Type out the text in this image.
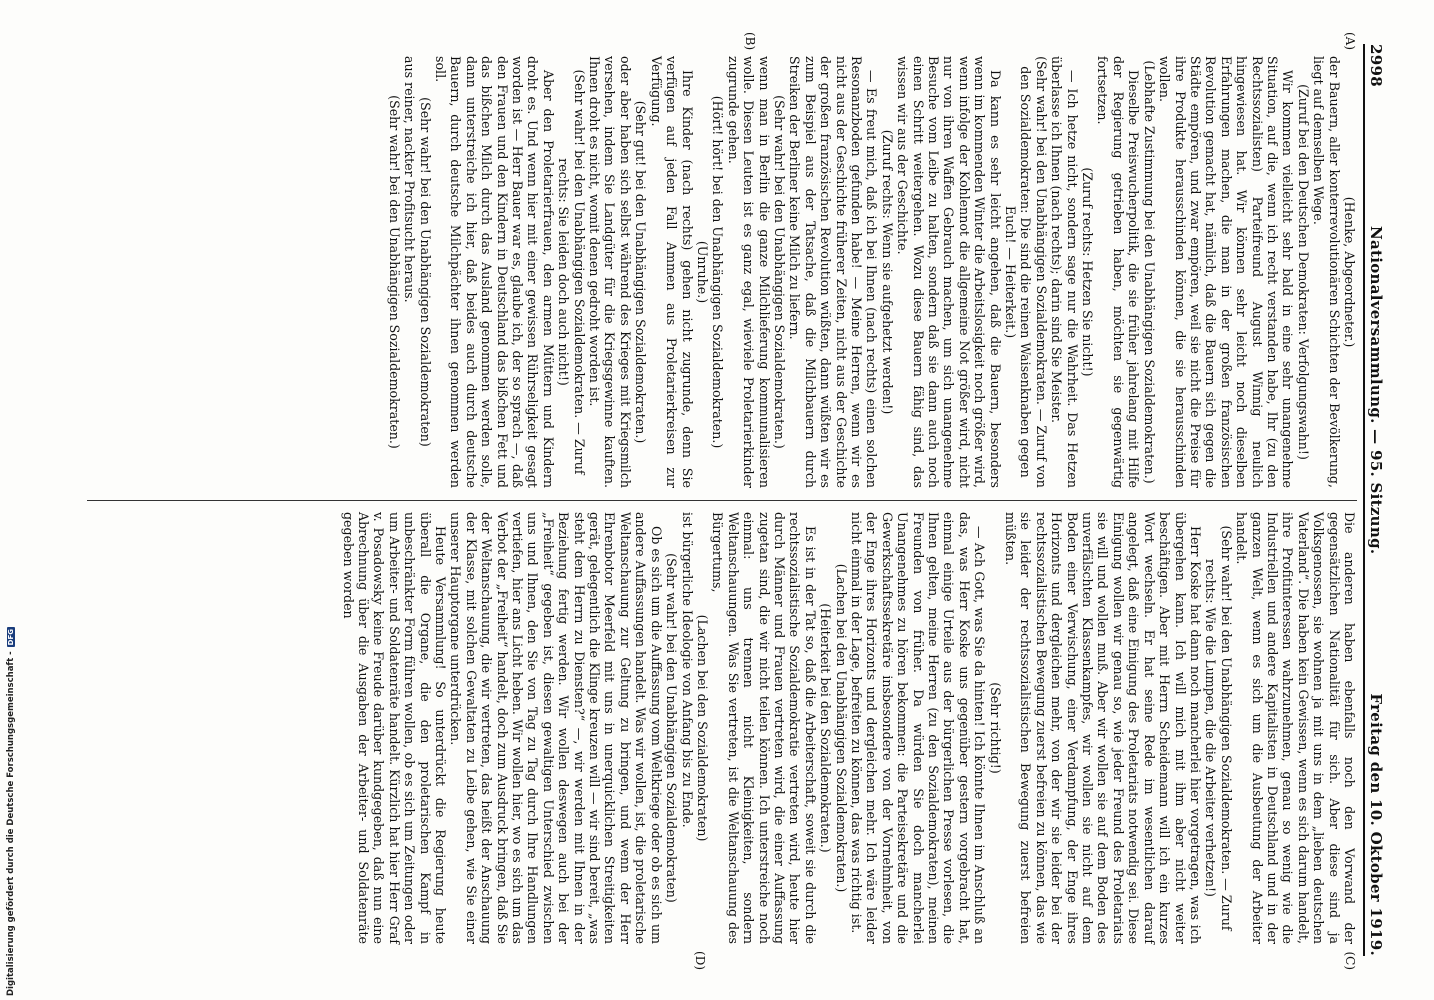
2998
Nationalversammlung. — 95. Sitzung.
Freitag den 10. Oktober 1919.

(Henke, Abgeordneter.)

der Bauern, aller konterrevolutionären Schichten der Bevölkerung, liegt auf demselben Wege.

(Zuruf bei den Deutschen Demokraten: Verfolgungswahn!)

Wir kommen vielleicht sehr bald in eine sehr unangenehme Situation, auf die, wenn ich recht verstanden habe, Ihr (zu den Rechtssozialisten) Parteifreund August Winnig neulich hingewiesen hat. Wir können sehr leicht noch dieselben Erfahrungen machen, die man in der großen französischen Revolution gemacht hat, nämlich, daß die Bauern sich gegen die Städte empören, und zwar empören, weil sie nicht die Preise für ihre Produkte herausschinden können, die sie herausschinden wollen.

(Lebhafte Zustimmung bei den Unabhängigen Sozialdemokraten.)

Dieselbe Preiswucherpolitik, die sie früher jahrelang mit Hilfe der Regierung getrieben haben, möchten sie gegenwärtig fortsetzen.

(Zuruf rechts: Hetzen Sie nicht!)

— Ich hetze nicht, sondern sage nur die Wahrheit. Das Hetzen überlasse ich Ihnen (nach rechts); darin sind Sie Meister.

(Sehr wahr! bei den Unabhängigen Sozialdemokraten. — Zuruf von den Sozialdemokraten: Die sind die reinen Waisenknaben gegen Euch! — Heiterkeit.)

Da kann es sehr leicht angehen, daß die Bauern, besonders wenn im kommenden Winter die Arbeitslosigkeit noch größer wird, wenn infolge der Kohlennot die allgemeine Not größer wird, nicht nur von ihren Waffen Gebrauch machen, um sich unangenehme Besuche vom Leibe zu halten, sondern daß sie dann auch noch einen Schritt weitergehen. Wozu diese Bauern fähig sind, das wissen wir aus der Geschichte.

(Zuruf rechts: Wenn sie aufgehetzt werden!)

— Es freut mich, daß ich bei Ihnen (nach rechts) einen solchen Resonanzboden gefunden habe! — Meine Herren, wenn wir es nicht aus der Geschichte früherer Zeiten, nicht aus der Geschichte der großen französischen Revolution wüßten, dann wüßten wir es zum Beispiel aus der Tatsache, daß die Milchbauern durch Streiken der Berliner keine Milch zu liefern.

(Sehr wahr! bei den Unabhängigen Sozialdemokraten.)

wenn man in Berlin die ganze Milchlieferung kommunalisieren wolle. Diesen Leuten ist es ganz egal, wieviele Proletarierkinder zugrunde gehen.

(Hört! hört! bei den Unabhängigen Sozialdemokraten.)

(Unruhe.)

Ihre Kinder (nach rechts) gehen nicht zugrunde, denn Sie verfügen auf jeden Fall Ammen aus Proletarierkreisen zur Verfügung.

(Sehr gut! bei den Unabhängigen Sozialdemokraten.)

oder aber haben sich selbst während des Krieges mit Kriegsmilch versehen, indem Sie Landgüter für die Kriegsgewinne kauften. Ihnen droht es nicht, womit denen gedroht worden ist.

(Sehr wahr! bei den Unabhängigen Sozialdemokraten. — Zuruf rechts: Sie leiden doch auch nicht!)

Aber den Proletarierfrauen, den armen Müttern und Kindern droht es. Und wenn hier mit einer gewissen Rührseligkeit gesagt worden ist — Herr Bauer war es, glaube ich, der so sprach —, daß den Frauen und den Kindern in Deutschland das bißchen Fett und das bißchen Milch durch das Ausland genommen werden solle, dann unterstreiche ich hier, daß beides auch durch deutsche Bauern, durch deutsche Milchpächter ihnen genommen werden soll.

(Sehr wahr! bei den Unabhängigen Sozialdemokraten)

aus reiner, nackter Profitsucht heraus.

(Sehr wahr! bei den Unabhängigen Sozialdemokraten.)

Die anderen haben ebenfalls noch den Vorwand der gegensätzlichen Nationalität für sich. Aber diese sind ja Volksgenossen, sie wohnen ja mit uns in dem „lieben deutschen Vaterland“. Die haben kein Gewissen, wenn es sich darum handelt, ihre Profitinteressen wahrzunehmen, genau so wenig wie die Industriellen und andere Kapitalisten in Deutschland und in der ganzen Welt, wenn es sich um die Ausbeutung der Arbeiter handelt.

(Sehr wahr! bei den Unabhängigen Sozialdemokraten. — Zuruf rechts: Wie die Lumpen, die die Arbeiter verhetzen!)

Herr Koske hat dann noch mancherlei hier vorgetragen, was ich übergehen kann. Ich will mich mit ihm aber nicht weiter beschäftigen. Aber mit Herrn Scheidemann will ich ein kurzes Wort wechseln. Er hat seine Rede im wesentlichen darauf angelegt, daß eine Einigung des Proletariats notwendig sei. Diese Einigung wollen wir genau so, wie jeder Freund des Proletariats sie will und wollen muß. Aber wir wollen sie auf dem Boden des unverfälschten Klassenkampfes, wir wollen sie nicht auf dem Boden einer Verwischung, einer Verdampfung, der Enge ihres Horizonts und dergleichen mehr, von der wir sie leider bei der rechtssozialistischen Bewegung zuerst befreien zu können, das wie sie leider der rechtssozialistischen Bewegung zuerst befreien müßten.

(Sehr richtig!)

— Ach Gott, was Sie da hinten! Ich könnte Ihnen im Anschluß an das, was Herr Koske uns gegenüber gestern vorgebracht hat, einmal einige Urteile aus der bürgerlichen Presse vorlesen, die Ihnen gelten, meine Herren (zu den Sozialdemokraten), meinen Freunden von früher. Da würden Sie doch mancherlei Unangenehmes zu hören bekommen: die Parteisekretäre und die Gewerkschaftssekretäre insbesondere von der Vornehmheit, von der Enge ihres Horizonts und dergleichen mehr. Ich wäre leider nicht einmal in der Lage, befreiten zu können, das was richtig ist.

(Lachen bei den Unabhängigen Sozialdemokraten.)

(Heiterkeit bei den Sozialdemokraten.)

Es ist in der Tat so, daß die Arbeiterschaft, soweit sie durch die rechtssozialistische Sozialdemokratie vertreten wird, heute hier durch Männer und Frauen vertreten wird, die einer Auffassung zugetan sind, die wir nicht teilen können. Ich unterstreiche noch einmal: uns trennen nicht Kleinigkeiten, sondern Weltanschauungen. Was Sie vertreten, ist die Weltanschauung des Bürgertums,

(Lachen bei den Sozialdemokraten)

ist bürgerliche Ideologie von Anfang bis zu Ende.

(Sehr wahr! bei den Unabhängigen Sozialdemokraten)

Ob es sich um die Auffassung vom Weltkriege oder ob es sich um andere Auffassungen handelt. Was wir wollen, ist, die proletarische Weltanschauung zur Geltung zu bringen, und wenn der Herr Ehrenbotor Meerfeld mit uns in unerquicklichen Streitigkeiten gerät, gelegentlich die Klinge kreuzen will — wir sind bereit, „was steht dem Herrn zu Diensten?“ —, wir werden mit Ihnen in der Beziehung fertig werden. Wir wollen deswegen auch bei der „Freiheit“ gegeben ist, diesen gewaltigen Unterschied zwischen uns und Ihnen, den Sie von Tag zu Tag durch Ihre Handlungen vertiefen, hier ans Licht heben. Wir wollen hier, wo es sich um das Verbot der „Freiheit“ handelt, doch zum Ausdruck bringen, daß Sie der Weltanschauung, die wir vertreten, das heißt der Anschauung der Klasse, mit solchen Gewaltaten zu Leibe gehen, wie Sie einer unserer Hauptorgane unterdrücken.

Heute Versammlung! So unterdrückt die Regierung heute überall die Organe, die den proletarischen Kampf in unbeschränkter Form führen wollen, ob es sich um Zeitungen oder um Arbeiter- und Soldatenräte handelt. Kürzlich hat hier Herr Graf v. Posadowsky keine Freude darüber kundgegeben, daß nun eine Abrechnung über die Ausgaben der Arbeiter- und Soldatenräte gegeben worden

(A)
(B)
(C)
(D)
Digitalisierung gefördert durch die Deutsche Forschungsgemeinschaft -
DFG
